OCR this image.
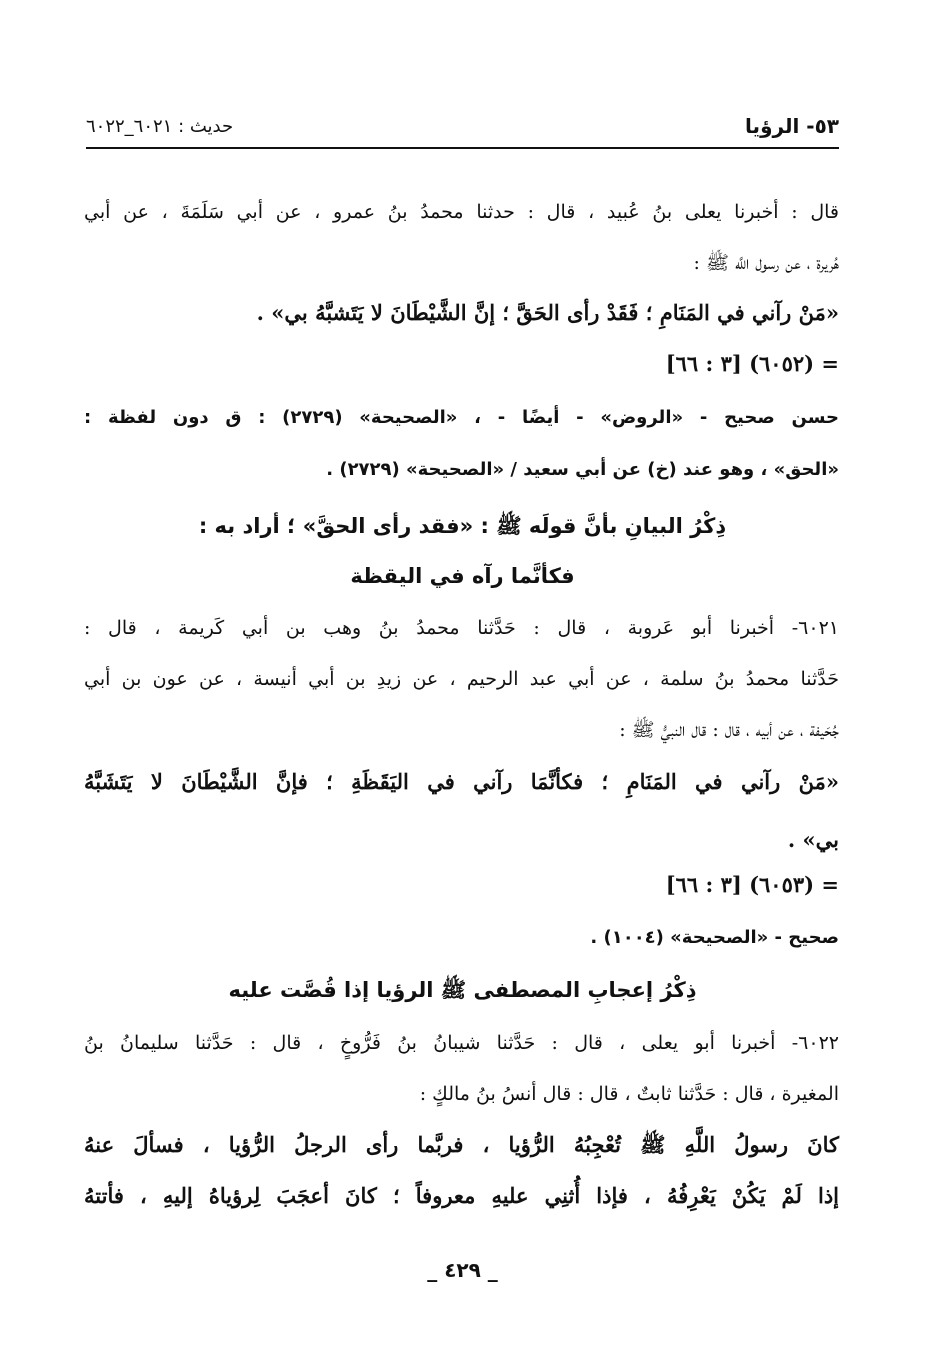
٥٣- الرؤيا
حديث : ٦٠٢١_٦٠٢٢
قال : أخبرنا يعلى بنُ عُبيد ، قال : حدثنا محمدُ بنُ عمرو ، عن أبي سَلَمَةَ ، عن أبي
هُريرة ، عن رسول اللَّه ﷺ :
«مَنْ رآني في المَنَامِ ؛ فَقَدْ رأى الحَقَّ ؛ إنَّ الشَّيْطَانَ لا يَتَشبَّهُ بي» .
= (٦٠٥٢) [٣ : ٦٦]
حسن صحيح - «الروض» - أيضًا - ، «الصحيحة» (٢٧٢٩) : ق دون لفظة :
«الحق» ، وهو عند (خ) عن أبي سعيد / «الصحيحة» (٢٧٢٩) .
ذِكْرُ البيانِ بأنَّ قولَه ﷺ : «فقد رأى الحقَّ» ؛ أراد به :
فكأنَّما رآه في اليقظة
٦٠٢١- أخبرنا أبو عَروبة ، قال : حَدَّثنا محمدُ بنُ وهب بن أبي كَريمة ، قال :
حَدَّثنا محمدُ بنُ سلمة ، عن أبي عبد الرحيم ، عن زيدِ بن أبي أنيسة ، عن عون بن أبي
جُحَيفة ، عن أبيه ، قال : قال النبيُّ ﷺ :
«مَنْ رآني في المَنَامِ ؛ فكأنَّمَا رآني في اليَقَظَةِ ؛ فإنَّ الشَّيْطَانَ لا يَتَشَبَّهُ
بي» .
= (٦٠٥٣) [٣ : ٦٦]
صحيح - «الصحيحة» (١٠٠٤) .
ذِكْرُ إعجابِ المصطفى ﷺ الرؤيا إذا قُصَّت عليه
٦٠٢٢- أخبرنا أبو يعلى ، قال : حَدَّثنا شيبانُ بنُ فَرُّوخٍ ، قال : حَدَّثنا سليمانُ بنُ
المغيرة ، قال : حَدَّثنا ثابتٌ ، قال : قال أنسُ بنُ مالكٍ :
كانَ رسولُ اللَّهِ ﷺ تُعْجِبُهُ الرُّؤيا ، فربَّما رأى الرجلُ الرُّؤيا ، فسألَ عنهُ
إذا لَمْ يَكُنْ يَعْرِفُهُ ، فإذا أُثنِي عليهِ معروفاً ؛ كانَ أعجَبَ لِرؤياهُ إليهِ ، فأتتهُ
_ ٤٢٩ _
